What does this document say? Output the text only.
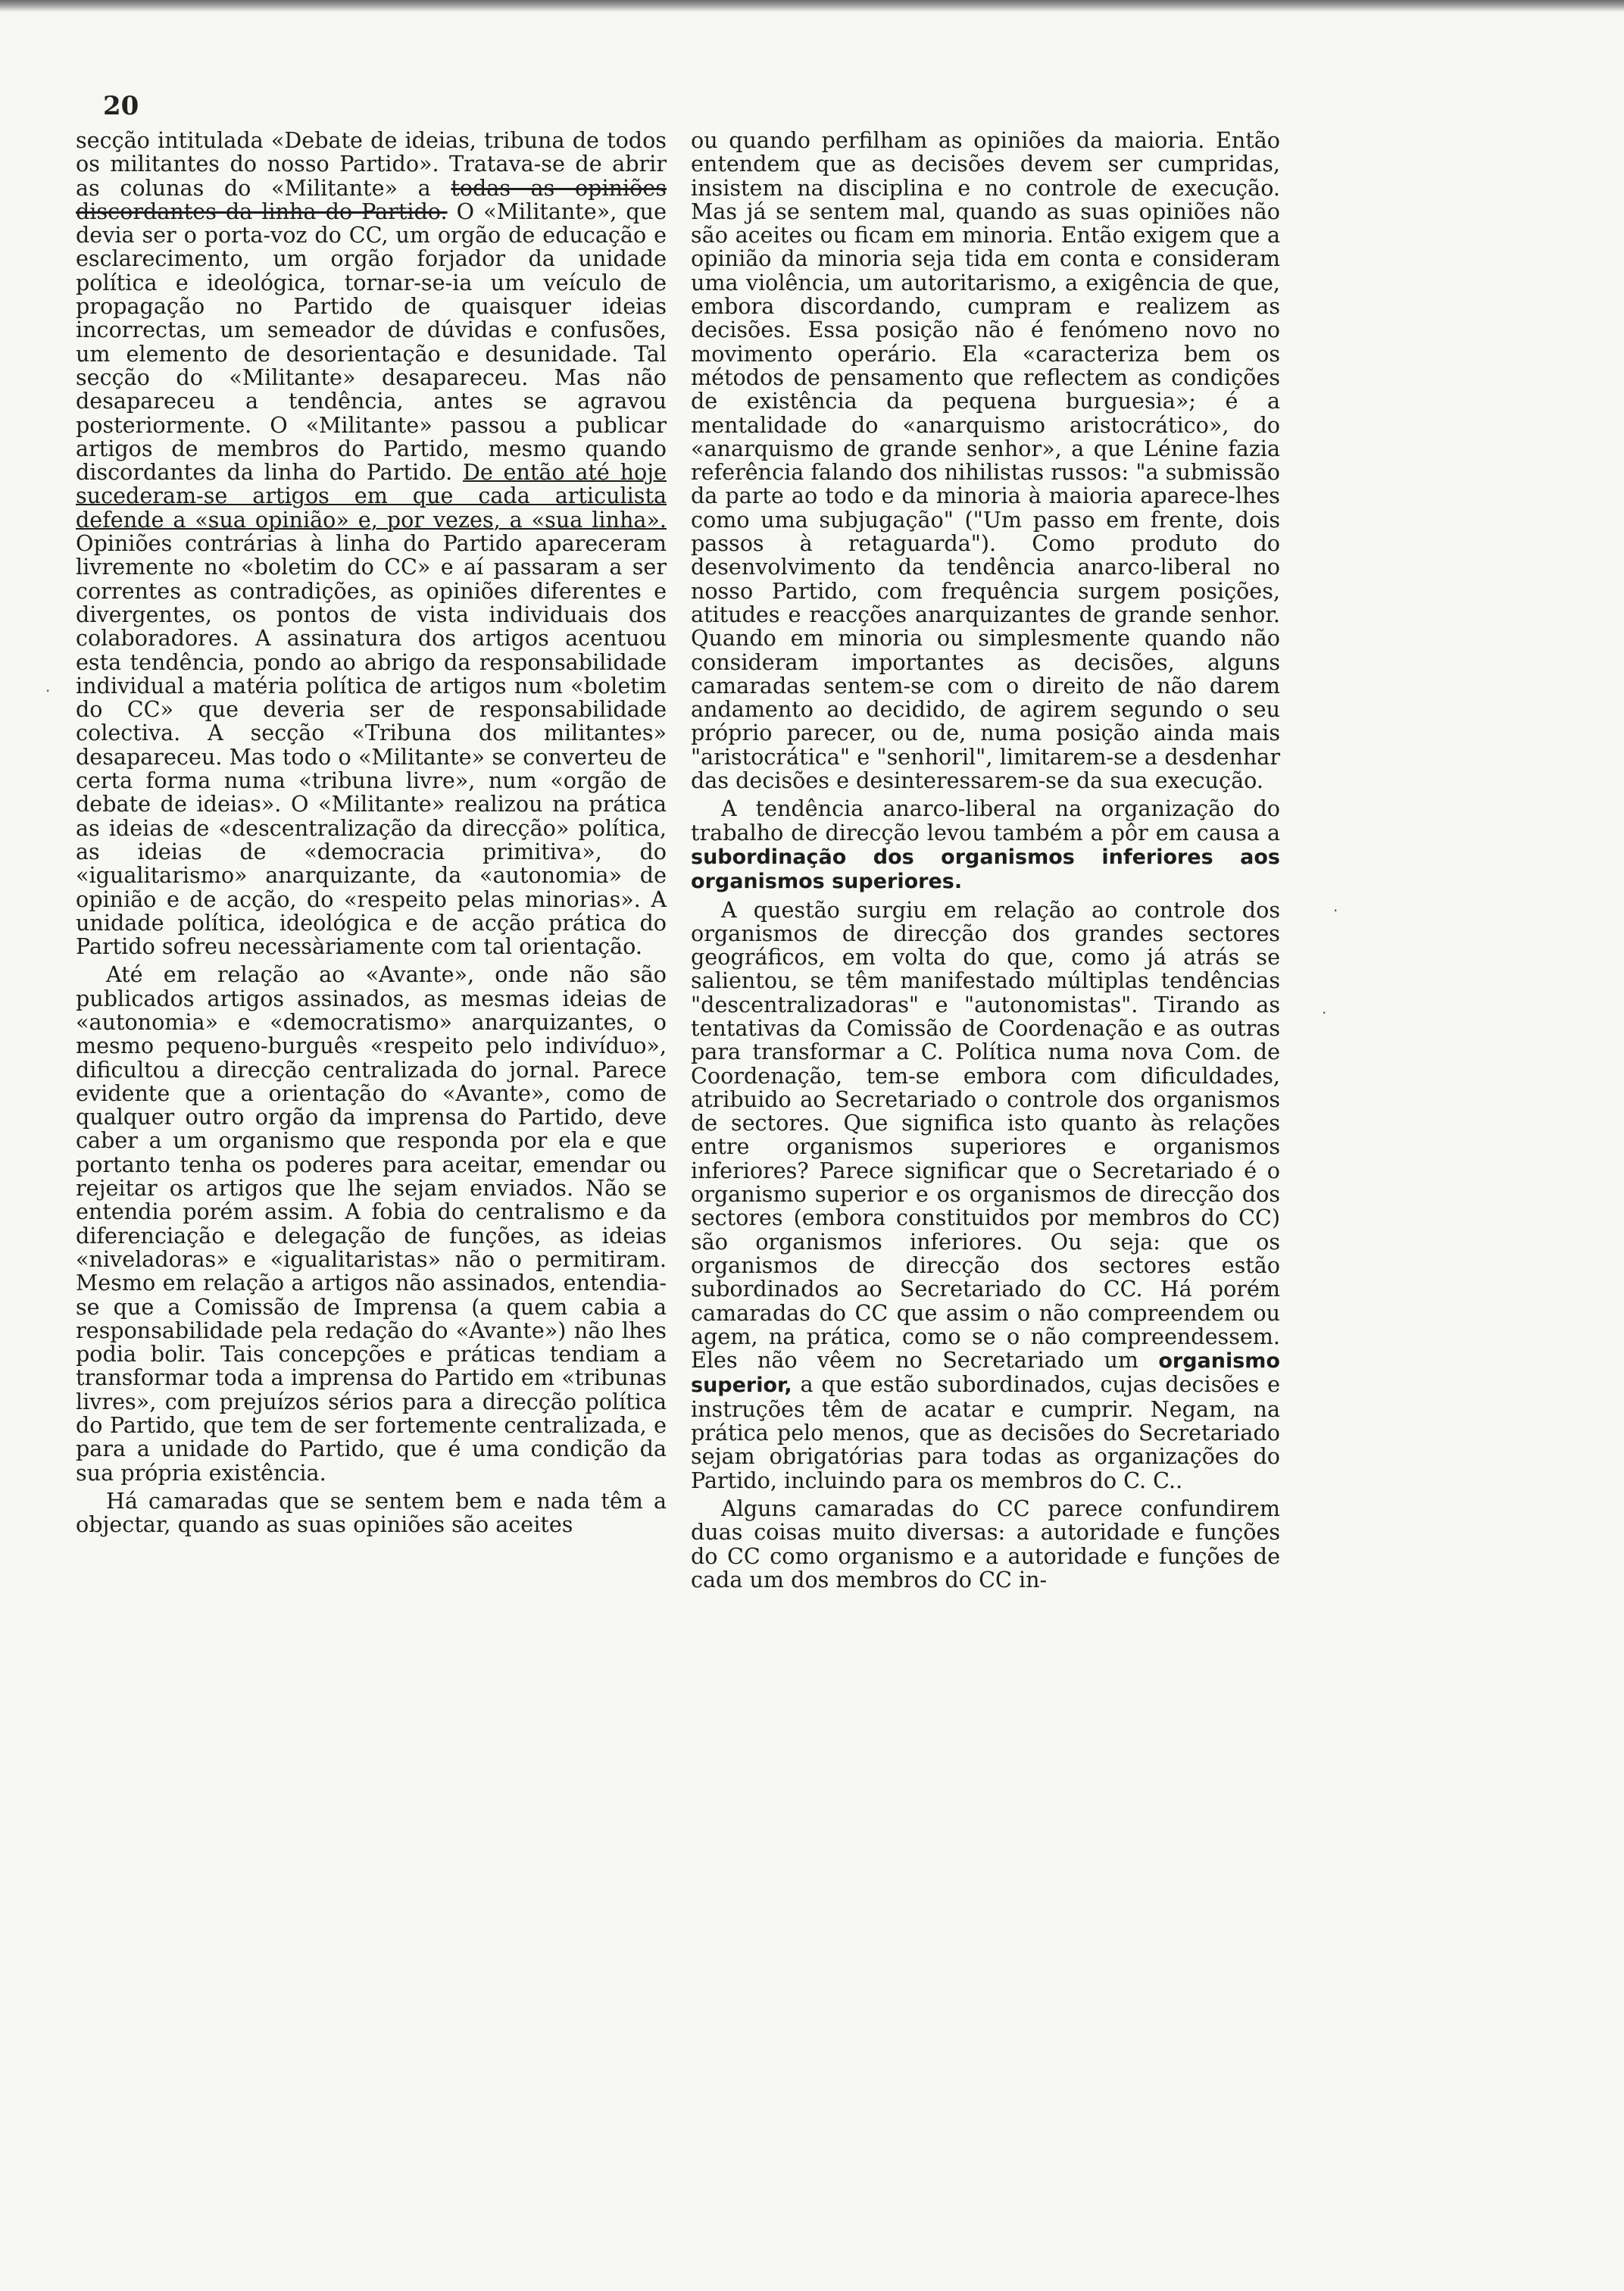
20

secção intitulada «Debate de ideias, tribuna de todos os militantes do nosso Partido». Tratava-se de abrir as colunas do «Militante» a todas as opiniões discordantes da linha do Partido. O «Militante», que devia ser o porta-voz do CC, um orgão de educação e esclarecimento, um orgão forjador da unidade política e ideológica, tornar-se-ia um veículo de propagação no Partido de quaisquer ideias incorrectas, um semeador de dúvidas e confusões, um elemento de desorientação e desunidade. Tal secção do «Militante» desapareceu. Mas não desapareceu a tendência, antes se agravou posteriormente. O «Militante» passou a publicar artigos de membros do Partido, mesmo quando discordantes da linha do Partido. De então até hoje sucederam-se artigos em que cada articulista defende a «sua opinião» e, por vezes, a «sua linha». Opiniões contrárias à linha do Partido apareceram livremente no «boletim do CC» e aí passaram a ser correntes as contradições, as opiniões diferentes e divergentes, os pontos de vista individuais dos colaboradores. A assinatura dos artigos acentuou esta tendência, pondo ao abrigo da responsabilidade individual a matéria política de artigos num «boletim do CC» que deveria ser de responsabilidade colectiva. A secção «Tribuna dos militantes» desapareceu. Mas todo o «Militante» se converteu de certa forma numa «tribuna livre», num «orgão de debate de ideias». O «Militante» realizou na prática as ideias de «descentralização da direcção» política, as ideias de «democracia primitiva», do «igualitarismo» anarquizante, da «autonomia» de opinião e de acção, do «respeito pelas minorias». A unidade política, ideológica e de acção prática do Partido sofreu necessàriamente com tal orientação.

Até em relação ao «Avante», onde não são publicados artigos assinados, as mesmas ideias de «autonomia» e «democratismo» anarquizantes, o mesmo pequeno-burguês «respeito pelo indivíduo», dificultou a direcção centralizada do jornal. Parece evidente que a orientação do «Avante», como de qualquer outro orgão da imprensa do Partido, deve caber a um organismo que responda por ela e que portanto tenha os poderes para aceitar, emendar ou rejeitar os artigos que lhe sejam enviados. Não se entendia porém assim. A fobia do centralismo e da diferenciação e delegação de funções, as ideias «niveladoras» e «igualitaristas» não o permitiram. Mesmo em relação a artigos não assinados, entendia-se que a Comissão de Imprensa (a quem cabia a responsabilidade pela redação do «Avante») não lhes podia bolir. Tais concepções e práticas tendiam a transformar toda a imprensa do Partido em «tribunas livres», com prejuízos sérios para a direcção política do Partido, que tem de ser fortemente centralizada, e para a unidade do Partido, que é uma condição da sua própria existência.

Há camaradas que se sentem bem e nada têm a objectar, quando as suas opiniões são aceites

ou quando perfilham as opiniões da maioria. Então entendem que as decisões devem ser cumpridas, insistem na disciplina e no controle de execução. Mas já se sentem mal, quando as suas opiniões não são aceites ou ficam em minoria. Então exigem que a opinião da minoria seja tida em conta e consideram uma violência, um autoritarismo, a exigência de que, embora discordando, cumpram e realizem as decisões. Essa posição não é fenómeno novo no movimento operário. Ela «caracteriza bem os métodos de pensamento que reflectem as condições de existência da pequena burguesia»; é a mentalidade do «anarquismo aristocrático», do «anarquismo de grande senhor», a que Lénine fazia referência falando dos nihilistas russos: "a submissão da parte ao todo e da minoria à maioria aparece-lhes como uma subjugação" ("Um passo em frente, dois passos à retaguarda"). Como produto do desenvolvimento da tendência anarco-liberal no nosso Partido, com frequência surgem posições, atitudes e reacções anarquizantes de grande senhor. Quando em minoria ou simplesmente quando não consideram importantes as decisões, alguns camaradas sentem-se com o direito de não darem andamento ao decidido, de agirem segundo o seu próprio parecer, ou de, numa posição ainda mais "aristocrática" e "senhoril", limitarem-se a desdenhar das decisões e desinteressarem-se da sua execução.

A tendência anarco-liberal na organização do trabalho de direcção levou também a pôr em causa a subordinação dos organismos inferiores aos organismos superiores.

A questão surgiu em relação ao controle dos organismos de direcção dos grandes sectores geográficos, em volta do que, como já atrás se salientou, se têm manifestado múltiplas tendências "descentralizadoras" e "autonomistas". Tirando as tentativas da Comissão de Coordenação e as outras para transformar a C. Política numa nova Com. de Coordenação, tem-se embora com dificuldades, atribuido ao Secretariado o controle dos organismos de sectores. Que significa isto quanto às relações entre organismos superiores e organismos inferiores? Parece significar que o Secretariado é o organismo superior e os organismos de direcção dos sectores (embora constituidos por membros do CC) são organismos inferiores. Ou seja: que os organismos de direcção dos sectores estão subordinados ao Secretariado do CC. Há porém camaradas do CC que assim o não compreendem ou agem, na prática, como se o não compreendessem. Eles não vêem no Secretariado um organismo superior, a que estão subordinados, cujas decisões e instruções têm de acatar e cumprir. Negam, na prática pelo menos, que as decisões do Secretariado sejam obrigatórias para todas as organizações do Partido, incluindo para os membros do C. C..

Alguns camaradas do CC parece confundirem duas coisas muito diversas: a autoridade e funções do CC como organismo e a autoridade e funções de cada um dos membros do CC in-

·
·
·
